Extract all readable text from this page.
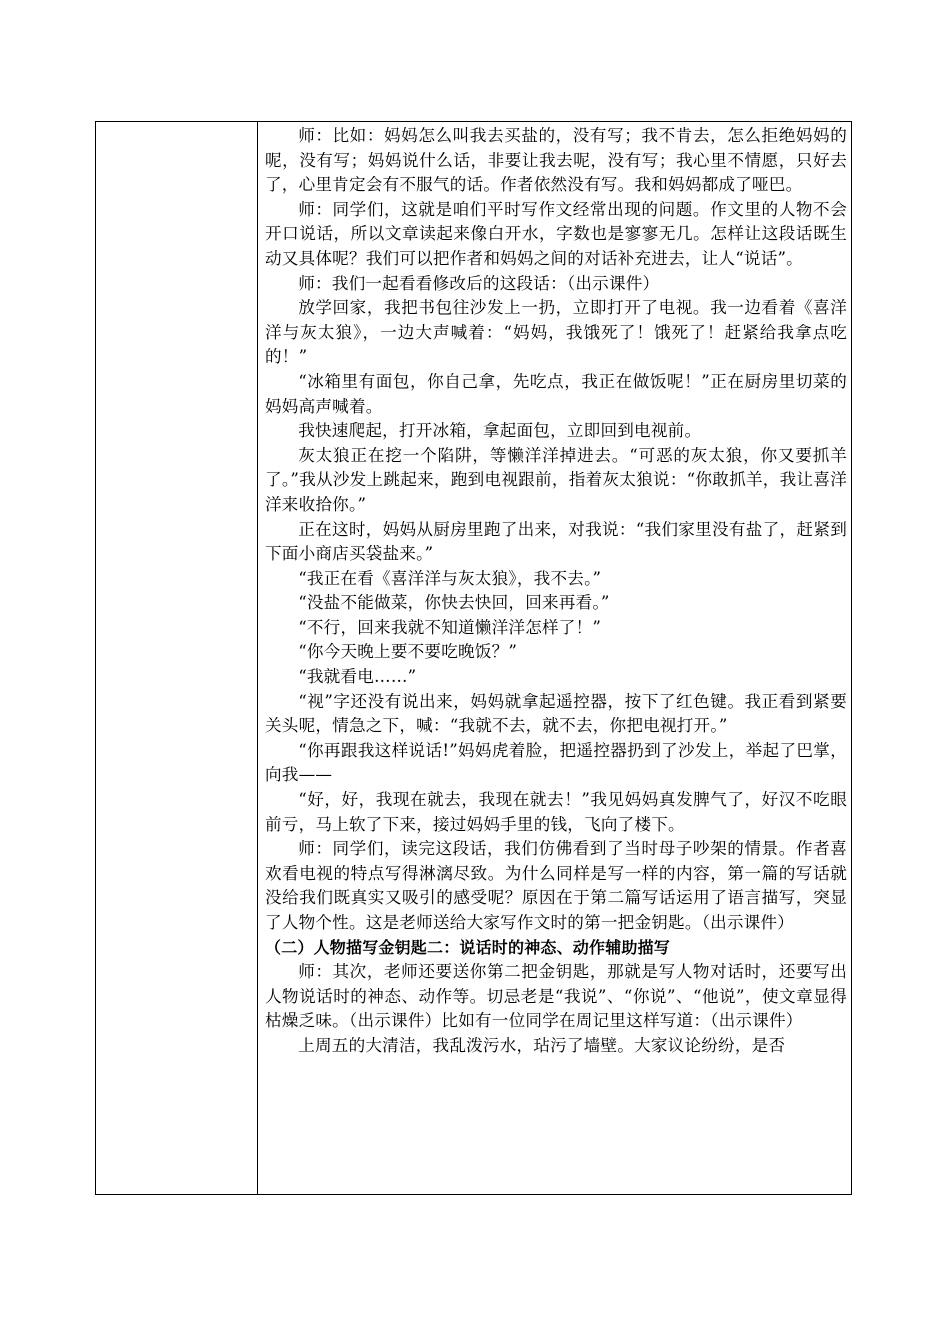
师：比如：妈妈怎么叫我去买盐的，没有写；我不肯去，怎么拒绝妈妈的呢，没有写；妈妈说什么话，非要让我去呢，没有写；我心里不情愿，只好去了，心里肯定会有不服气的话。作者依然没有写。我和妈妈都成了哑巴。

师：同学们，这就是咱们平时写作文经常出现的问题。作文里的人物不会开口说话，所以文章读起来像白开水，字数也是寥寥无几。怎样让这段话既生动又具体呢？我们可以把作者和妈妈之间的对话补充进去，让人“说话”。

师：我们一起看看修改后的这段话：（出示课件）

放学回家，我把书包往沙发上一扔，立即打开了电视。我一边看着《喜洋洋与灰太狼》，一边大声喊着：“妈妈，我饿死了！饿死了！赶紧给我拿点吃的！”

“冰箱里有面包，你自己拿，先吃点，我正在做饭呢！”正在厨房里切菜的妈妈高声喊着。

我快速爬起，打开冰箱，拿起面包，立即回到电视前。

灰太狼正在挖一个陷阱，等懒洋洋掉进去。“可恶的灰太狼，你又要抓羊了。”我从沙发上跳起来，跑到电视跟前，指着灰太狼说：“你敢抓羊，我让喜洋洋来收拾你。”

正在这时，妈妈从厨房里跑了出来，对我说：“我们家里没有盐了，赶紧到下面小商店买袋盐来。”

“我正在看《喜洋洋与灰太狼》，我不去。”

“没盐不能做菜，你快去快回，回来再看。”

“不行，回来我就不知道懒洋洋怎样了！”

“你今天晚上要不要吃晚饭？”

“我就看电……”

“视”字还没有说出来，妈妈就拿起遥控器，按下了红色键。我正看到紧要关头呢，情急之下，喊：“我就不去，就不去，你把电视打开。”

“你再跟我这样说话!”妈妈虎着脸，把遥控器扔到了沙发上，举起了巴掌，向我——

“好，好，我现在就去，我现在就去！”我见妈妈真发脾气了，好汉不吃眼前亏，马上软了下来，接过妈妈手里的钱，飞向了楼下。

师：同学们，读完这段话，我们仿佛看到了当时母子吵架的情景。作者喜欢看电视的特点写得淋漓尽致。为什么同样是写一样的内容，第一篇的写话就没给我们既真实又吸引的感受呢？原因在于第二篇写话运用了语言描写，突显了人物个性。这是老师送给大家写作文时的第一把金钥匙。（出示课件）

（二）人物描写金钥匙二：说话时的神态、动作辅助描写

师：其次，老师还要送你第二把金钥匙，那就是写人物对话时，还要写出人物说话时的神态、动作等。切忌老是“我说”、“你说”、“他说”，使文章显得枯燥乏味。（出示课件）比如有一位同学在周记里这样写道：（出示课件）

上周五的大清洁，我乱泼污水，玷污了墙壁。大家议论纷纷，是否
